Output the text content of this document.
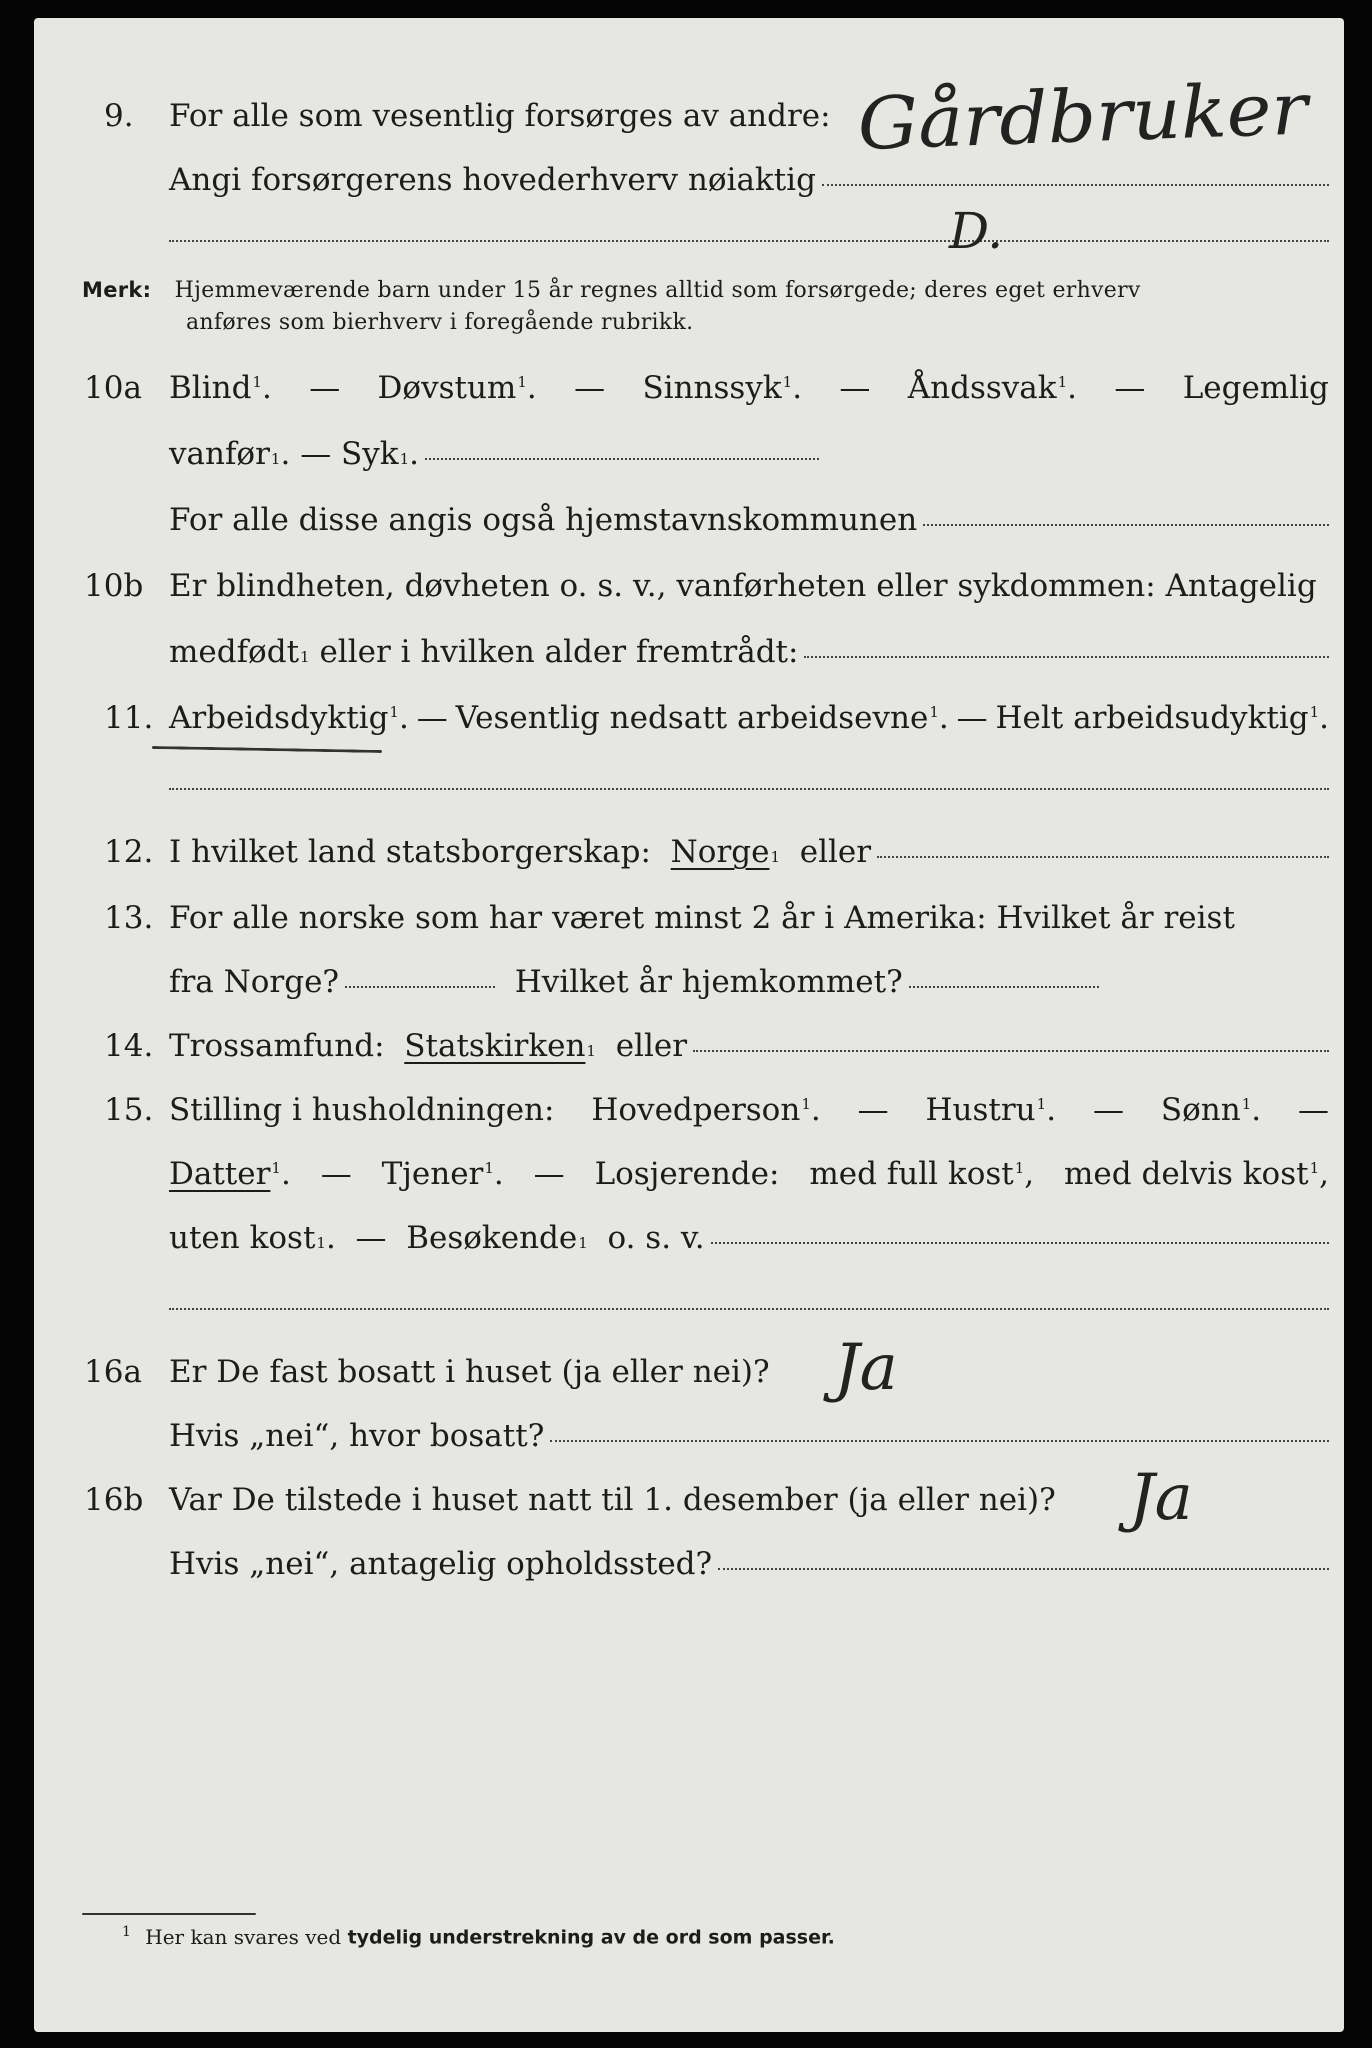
9. For alle som vesentlig forsørges av andre: Gårdbruker
Angi forsørgerens hovederhverv nøiaktig
D.
Merk: Hjemmeværende barn under 15 år regnes alltid som forsørgede; deres eget erhverv
anføres som bierhverv i foregående rubrikk.
10a Blind$^1$. — Døvstum$^1$. — Sinnssyk$^1$. — Åndssvak$^1$. — Legemlig
vanfør 1 . —
Syk 1 .
For alle disse angis også hjemstavnskommunen
10b Er blindheten, døvheten o. s. v., vanførheten eller sykdommen: Antagelig
medfødt 1
eller i hvilken alder fremtrådt:
11. Arbeidsdyktig$^1$. — Vesentlig nedsatt arbeidsevne$^1$. — Helt arbeidsudyktig$^1$.
12. I hvilket land statsborgerskap:
Norge 1
eller
13. For alle norske som har været minst 2 år i Amerika: Hvilket år reist
fra Norge?
	Hvilket år hjemkommet?
14. Trossamfund:
Statskirken 1
eller
15. Stilling i husholdningen: Hovedperson$^1$. — Hustru$^1$. — Sønn$^1$. —
Datter$^1$. — Tjener$^1$. — Losjerende: med full kost$^1$, med delvis kost$^1$,
uten kost 1 . —
Besøkende 1
o. s. v.
16a Er De fast bosatt i huset (ja eller nei)? Ja
Hvis „nei“, hvor bosatt?
16b Var De tilstede i huset natt til 1. desember (ja eller nei)? Ja
Hvis „nei“, antagelig opholdssted?
$^1$ Her kan svares ved tydelig understrekning av de ord som passer.
